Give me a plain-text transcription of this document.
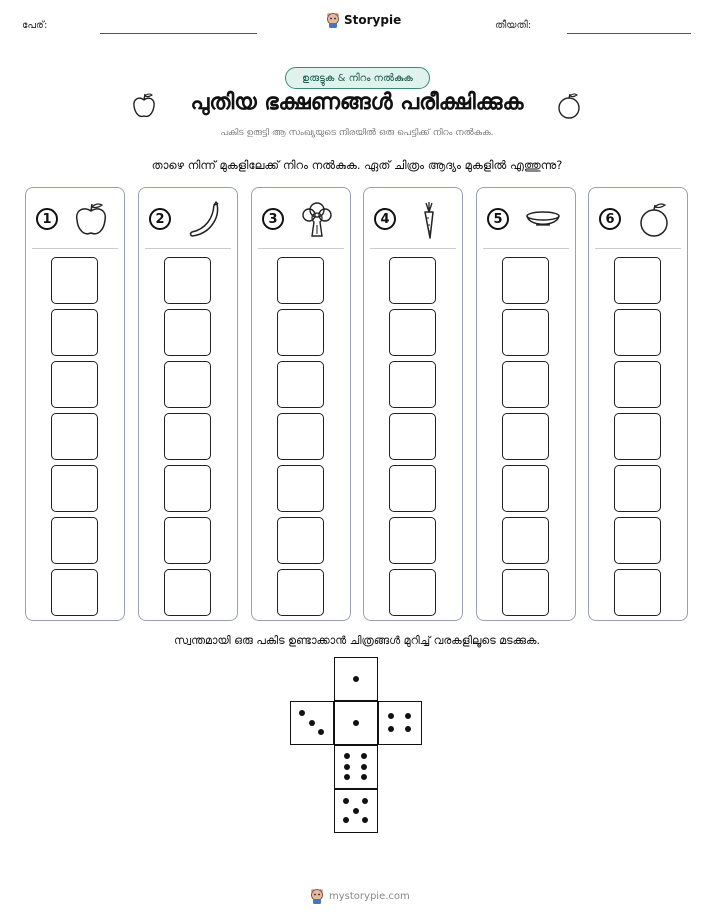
പേര്:	Storypie	തീയതി:
ഉരുട്ടുക & നിറം നൽകുക
പുതിയ ഭക്ഷണങ്ങൾ പരീക്ഷിക്കുക
പകിട ഉരുട്ടി ആ സംഖ്യയുടെ നിരയിൽ ഒരു പെട്ടിക്ക് നിറം നൽകുക.
താഴെ നിന്ന് മുകളിലേക്ക് നിറം നൽകുക. ഏത് ചിത്രം ആദ്യം മുകളിൽ എത്തുന്നു?
1	2	3	4	5	6
സ്വന്തമായി ഒരു പകിട ഉണ്ടാക്കാൻ ചിത്രങ്ങൾ മുറിച്ച് വരകളിലൂടെ മടക്കുക.
mystorypie.com
